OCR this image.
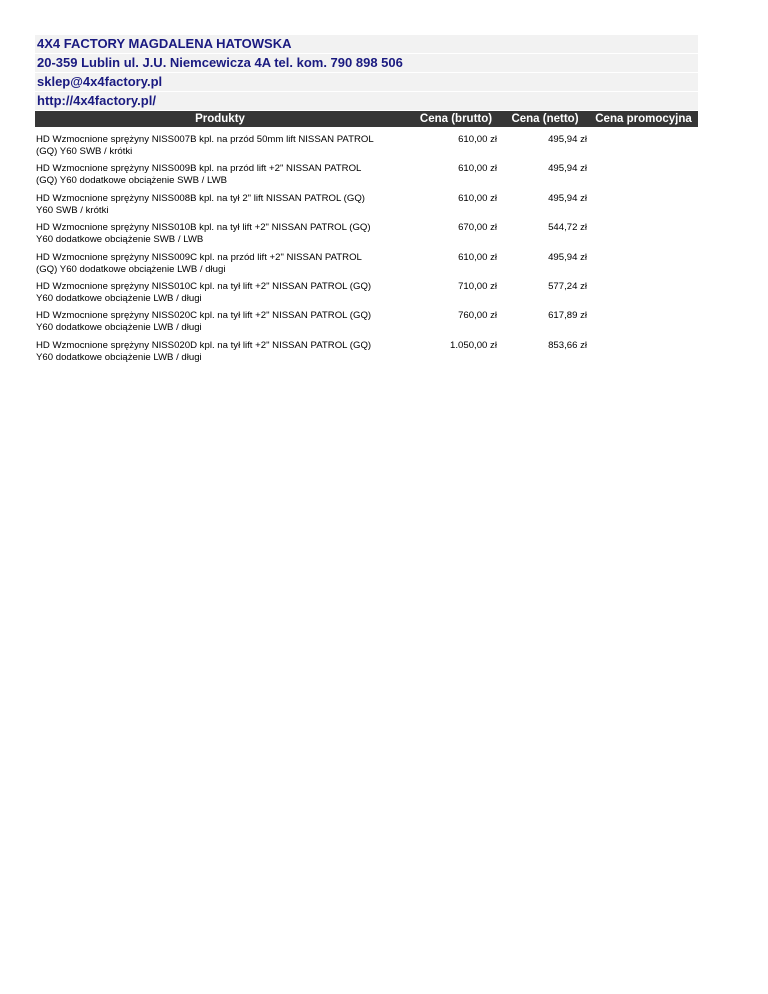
4X4 FACTORY MAGDALENA HATOWSKA
20-359 Lublin ul. J.U. Niemcewicza 4A tel. kom. 790 898 506
sklep@4x4factory.pl
http://4x4factory.pl/
Produkty	Cena (brutto)	Cena (netto)	Cena promocyjna
HD Wzmocnione sprężyny NISS007B kpl. na przód 50mm lift NISSAN PATROL
(GQ) Y60 SWB / krótki
610,00 zł	495,94 zł
HD Wzmocnione sprężyny NISS009B kpl. na przód lift +2" NISSAN PATROL
(GQ) Y60 dodatkowe obciążenie SWB / LWB
610,00 zł	495,94 zł
HD Wzmocnione sprężyny NISS008B kpl. na tył 2" lift NISSAN PATROL (GQ)
Y60 SWB / krótki
610,00 zł	495,94 zł
HD Wzmocnione sprężyny NISS010B kpl. na tył lift +2" NISSAN PATROL (GQ)
Y60 dodatkowe obciążenie SWB / LWB
670,00 zł	544,72 zł
HD Wzmocnione sprężyny NISS009C kpl. na przód lift +2" NISSAN PATROL
(GQ) Y60 dodatkowe obciążenie LWB / długi
610,00 zł	495,94 zł
HD Wzmocnione sprężyny NISS010C kpl. na tył lift +2" NISSAN PATROL (GQ)
Y60 dodatkowe obciążenie LWB / długi
710,00 zł	577,24 zł
HD Wzmocnione sprężyny NISS020C kpl. na tył lift +2" NISSAN PATROL (GQ)
Y60 dodatkowe obciążenie LWB / długi
760,00 zł	617,89 zł
HD Wzmocnione sprężyny NISS020D kpl. na tył lift +2" NISSAN PATROL (GQ)
Y60 dodatkowe obciążenie LWB / długi
1.050,00 zł	853,66 zł
